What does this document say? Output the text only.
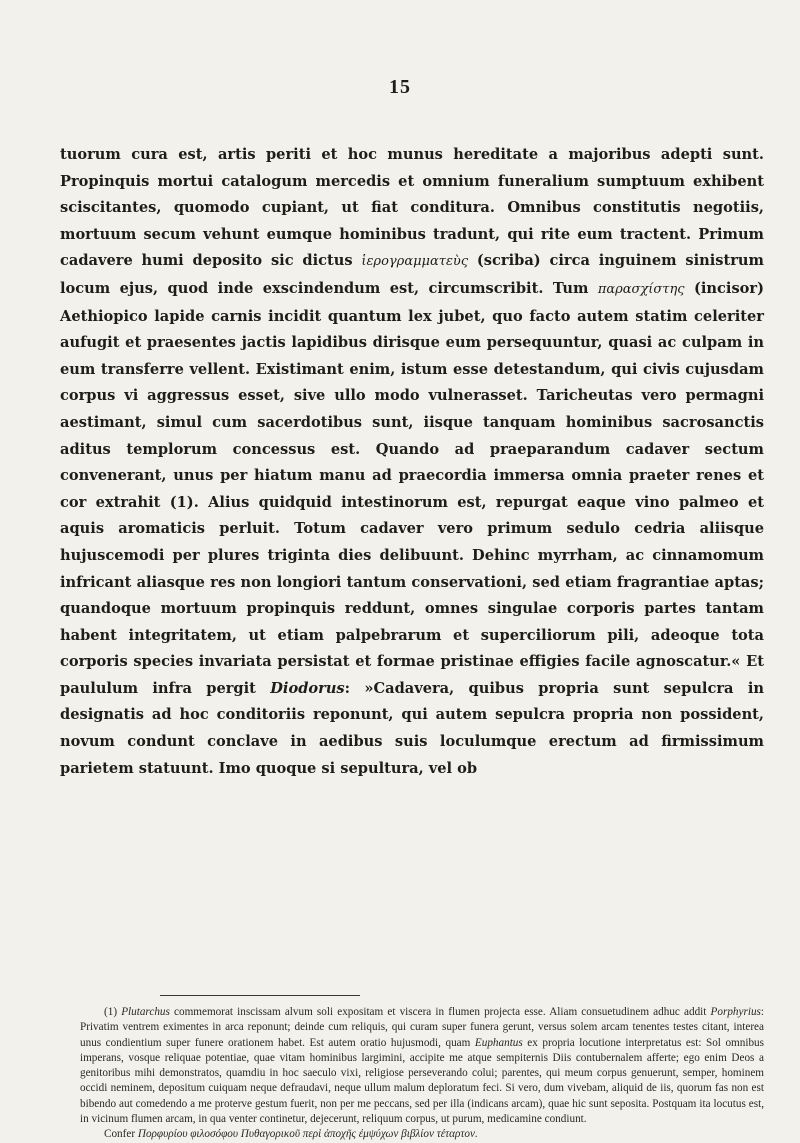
15

tuorum cura est, artis periti et hoc munus hereditate a majoribus adepti sunt. Propinquis mortui catalogum mercedis et omnium funeralium sumptuum exhibent sciscitantes, quomodo cupiant, ut fiat conditura. Omnibus constitutis negotiis, mortuum secum vehunt eumque hominibus tradunt, qui rite eum tractent. Primum cadavere humi deposito sic dictus ἱερογραμματεὺς (scriba) circa inguinem sinistrum locum ejus, quod inde exscindendum est, circumscribit. Tum παρασχίστης (incisor) Aethiopico lapide carnis incidit quantum lex jubet, quo facto autem statim celeriter aufugit et praesentes jactis lapidibus dirisque eum persequuntur, quasi ac culpam in eum transferre vellent. Existimant enim, istum esse detestandum, qui civis cujusdam corpus vi aggressus esset, sive ullo modo vulnerasset. Taricheutas vero permagni aestimant, simul cum sacerdotibus sunt, iisque tanquam hominibus sacrosanctis aditus templorum concessus est. Quando ad praeparandum cadaver sectum convenerant, unus per hiatum manu ad praecordia immersa omnia praeter renes et cor extrahit (1). Alius quidquid intestinorum est, repurgat eaque vino palmeo et aquis aromaticis perluit. Totum cadaver vero primum sedulo cedria aliisque hujuscemodi per plures triginta dies delibuunt. Dehinc myrrham, ac cinnamomum infricant aliasque res non longiori tantum conservationi, sed etiam fragrantiae aptas; quandoque mortuum propinquis reddunt, omnes singulae corporis partes tantam habent integritatem, ut etiam palpebrarum et superciliorum pili, adeoque tota corporis species invariata persistat et formae pristinae effigies facile agnoscatur.« Et paululum infra pergit Diodorus: »Cadavera, quibus propria sunt sepulcra in designatis ad hoc conditoriis reponunt, qui autem sepulcra propria non possident, novum condunt conclave in aedibus suis loculumque erectum ad firmissimum parietem statuunt. Imo quoque si sepultura, vel ob

(1) Plutarchus commemorat inscissam alvum soli expositam et viscera in flumen projecta esse. Aliam consuetudinem adhuc addit Porphyrius: Privatim ventrem eximentes in arca reponunt; deinde cum reliquis, qui curam super funera gerunt, versus solem arcam tenentes testes citant, interea unus condientium super funere orationem habet. Est autem oratio hujusmodi, quam Euphantus ex propria locutione interpretatus est: Sol omnibus imperans, vosque reliquae potentiae, quae vitam hominibus largimini, accipite me atque sempiternis Diis contubernalem afferte; ego enim Deos a genitoribus mihi demonstratos, quamdiu in hoc saeculo vixi, religiose perseverando colui; parentes, qui meum corpus genuerunt, semper, hominem occidi neminem, depositum cuiquam neque defraudavi, neque ullum malum deploratum feci. Si vero, dum vivebam, aliquid de iis, quorum fas non est bibendo aut comedendo a me proterve gestum fuerit, non per me peccans, sed per illa (indicans arcam), quae hic sunt seposita. Postquam ita locutus est, in vicinum flumen arcam, in qua venter continetur, dejecerunt, reliquum corpus, ut purum, medicamine condiunt.

Confer Πορφυρίου φιλοσόφου Πυθαγορικοῦ περὶ ἀποχῆς ἐμψύχων βιβλίον τέταρτον.
